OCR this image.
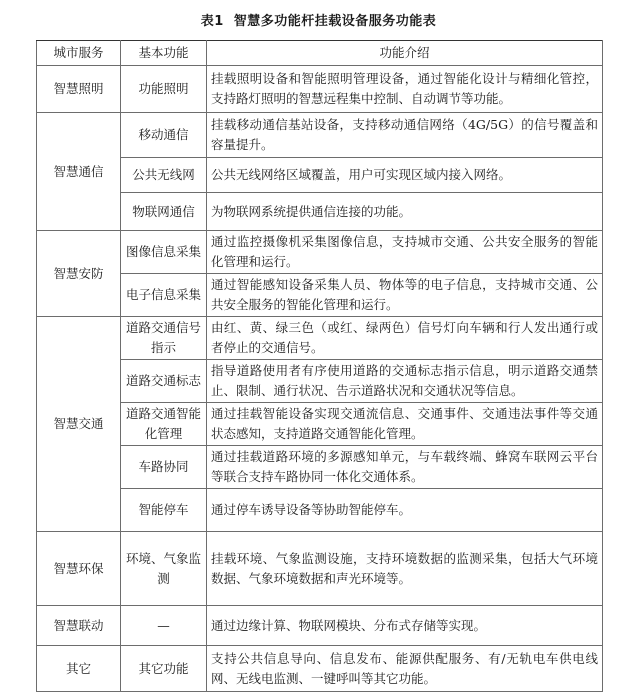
表1 智慧多功能杆挂载设备服务功能表
城市服务	基本功能	功能介绍
智慧照明	功能照明	挂载照明设备和智能照明管理设备，通过智能化设计与精细化管控，支持路灯照明的智慧远程集中控制、自动调节等功能。
智慧通信	移动通信	挂载移动通信基站设备，支持移动通信网络（4G/5G）的信号覆盖和容量提升。
	公共无线网	公共无线网络区域覆盖，用户可实现区域内接入网络。
	物联网通信	为物联网系统提供通信连接的功能。
智慧安防	图像信息采集	通过监控摄像机采集图像信息，支持城市交通、公共安全服务的智能化管理和运行。
	电子信息采集	通过智能感知设备采集人员、物体等的电子信息，支持城市交通、公共安全服务的智能化管理和运行。
智慧交通	道路交通信号指示	由红、黄、绿三色（或红、绿两色）信号灯向车辆和行人发出通行或者停止的交通信号。
	道路交通标志	指导道路使用者有序使用道路的交通标志指示信息，明示道路交通禁止、限制、通行状况、告示道路状况和交通状况等信息。
	道路交通智能化管理	通过挂载智能设备实现交通流信息、交通事件、交通违法事件等交通状态感知，支持道路交通智能化管理。
	车路协同	通过挂载道路环境的多源感知单元，与车载终端、蜂窝车联网云平台等联合支持车路协同一体化交通体系。
	智能停车	通过停车诱导设备等协助智能停车。
智慧环保	环境、气象监测	挂载环境、气象监测设施，支持环境数据的监测采集，包括大气环境数据、气象环境数据和声光环境等。
智慧联动	—	通过边缘计算、物联网模块、分布式存储等实现。
其它	其它功能	支持公共信息导向、信息发布、能源供配服务、有/无轨电车供电线网、无线电监测、一键呼叫等其它功能。
